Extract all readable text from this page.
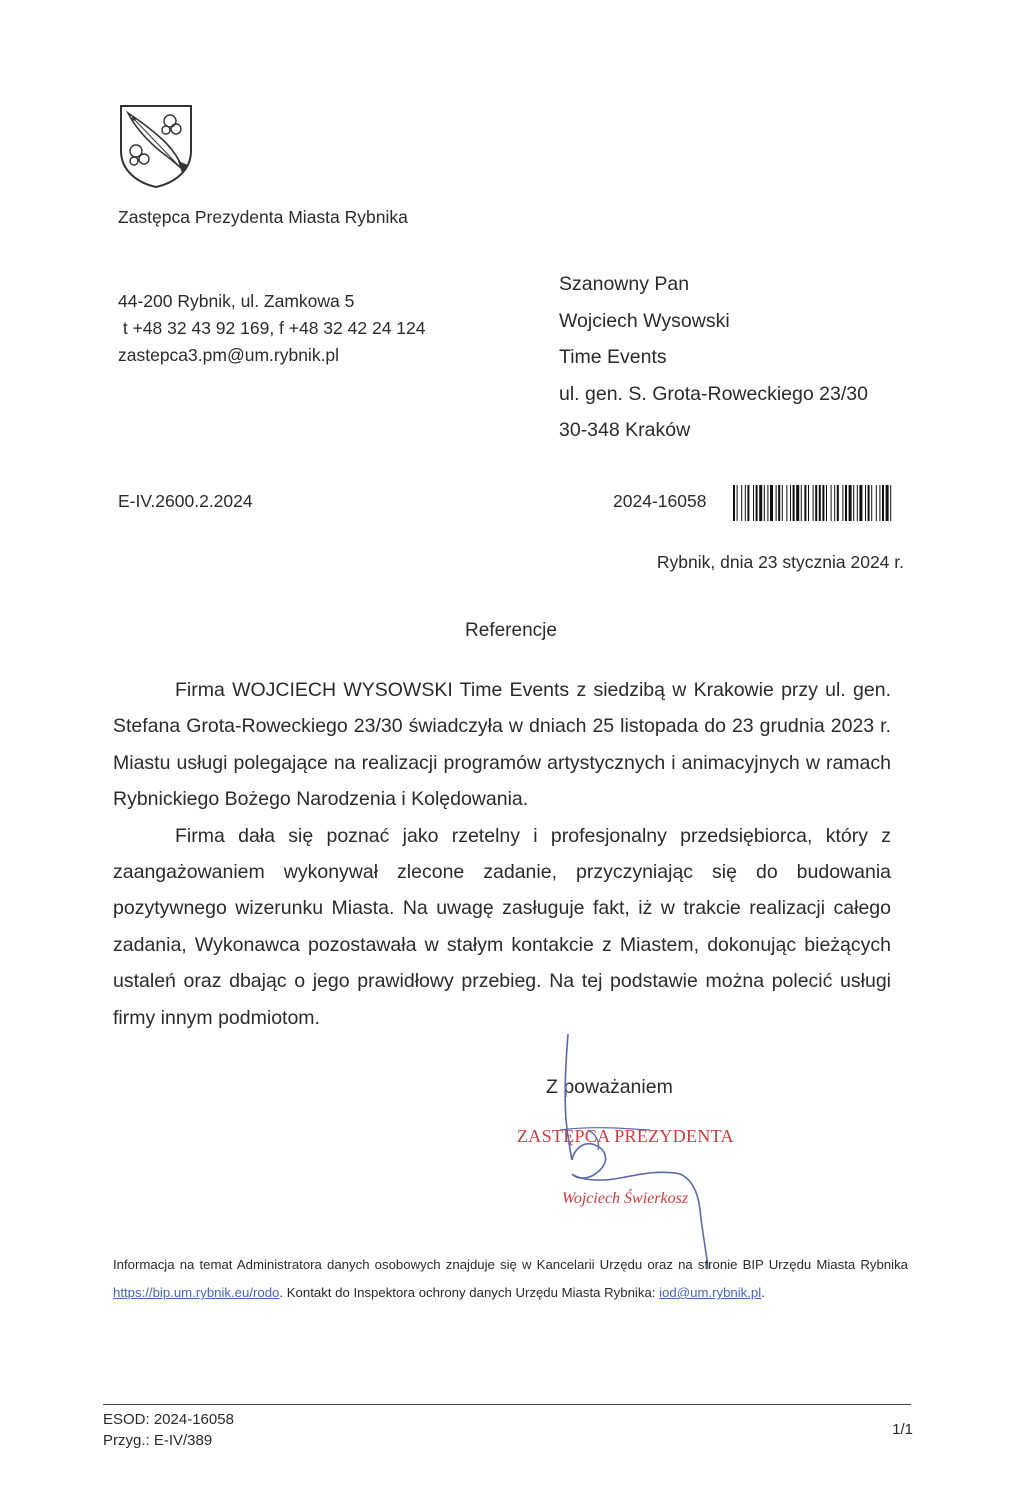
Zastępca Prezydenta Miasta Rybnika
44-200 Rybnik, ul. Zamkowa 5
t +48 32 43 92 169, f +48 32 42 24 124
zastepca3.pm@um.rybnik.pl
Szanowny Pan
Wojciech Wysowski
Time Events
ul. gen. S. Grota-Roweckiego 23/30
30-348 Kraków
E-IV.2600.2.2024	2024-16058
Rybnik, dnia 23 stycznia 2024 r.
Referencje

Firma WOJCIECH WYSOWSKI Time Events z siedzibą w Krakowie przy ul. gen. Stefana Grota-Roweckiego 23/30 świadczyła w dniach 25 listopada do 23 grudnia 2023 r. Miastu usługi polegające na realizacji programów artystycznych i animacyjnych w ramach Rybnickiego Bożego Narodzenia i Kolędowania.

Firma dała się poznać jako rzetelny i profesjonalny przedsiębiorca, który z zaangażowaniem wykonywał zlecone zadanie, przyczyniając się do budowania pozytywnego wizerunku Miasta. Na uwagę zasługuje fakt, iż w trakcie realizacji całego zadania, Wykonawca pozostawała w stałym kontakcie z Miastem, dokonując bieżących ustaleń oraz dbając o jego prawidłowy przebieg. Na tej podstawie można polecić usługi firmy innym podmiotom.

Z poważaniem
ZASTĘPCA PREZYDENTA
Wojciech Świerkosz
Informacja na temat Administratora danych osobowych znajduje się w Kancelarii Urzędu oraz na stronie BIP Urzędu Miasta Rybnika https://bip.um.rybnik.eu/rodo. Kontakt do Inspektora ochrony danych Urzędu Miasta Rybnika: iod@um.rybnik.pl.
ESOD: 2024-16058
Przyg.: E-IV/389
1/1
